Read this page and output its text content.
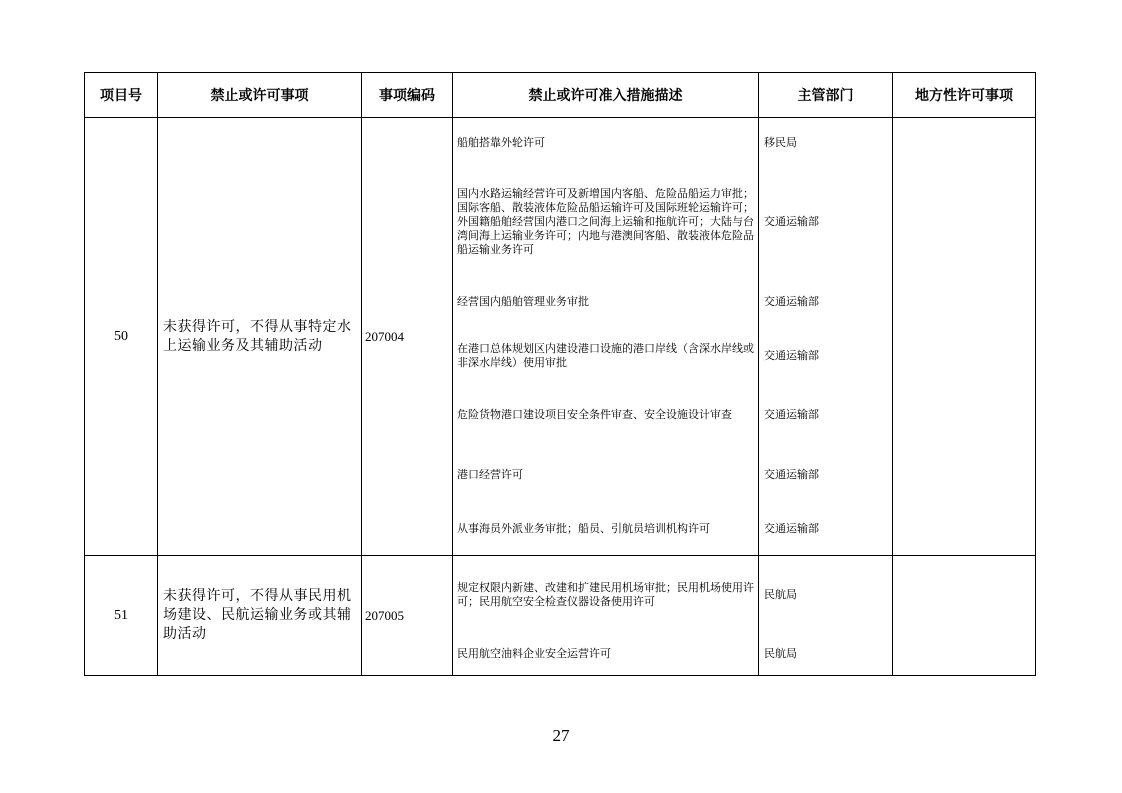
项目号	禁止或许可事项	事项编码	禁止或许可准入措施描述	主管部门	地方性许可事项
50	未获得许可，不得从事特定水上运输业务及其辅助活动	207004	船舶搭靠外轮许可	移民局	
			国内水路运输经营许可及新增国内客船、危险品船运力审批；国际客船、散装液体危险品船运输许可及国际班轮运输许可；外国籍船舶经营国内港口之间海上运输和拖航许可；大陆与台湾间海上运输业务许可；内地与港澳间客船、散装液体危险品船运输业务许可	交通运输部	
			经营国内船舶管理业务审批	交通运输部	
			在港口总体规划区内建设港口设施的港口岸线（含深水岸线或非深水岸线）使用审批	交通运输部	
			危险货物港口建设项目安全条件审查、安全设施设计审查	交通运输部	
			港口经营许可	交通运输部	
			从事海员外派业务审批；船员、引航员培训机构许可	交通运输部	
51	未获得许可，不得从事民用机场建设、民航运输业务或其辅助活动	207005	规定权限内新建、改建和扩建民用机场审批；民用机场使用许可；民用航空安全检查仪器设备使用许可	民航局	
			民用航空油料企业安全运营许可	民航局	
27
